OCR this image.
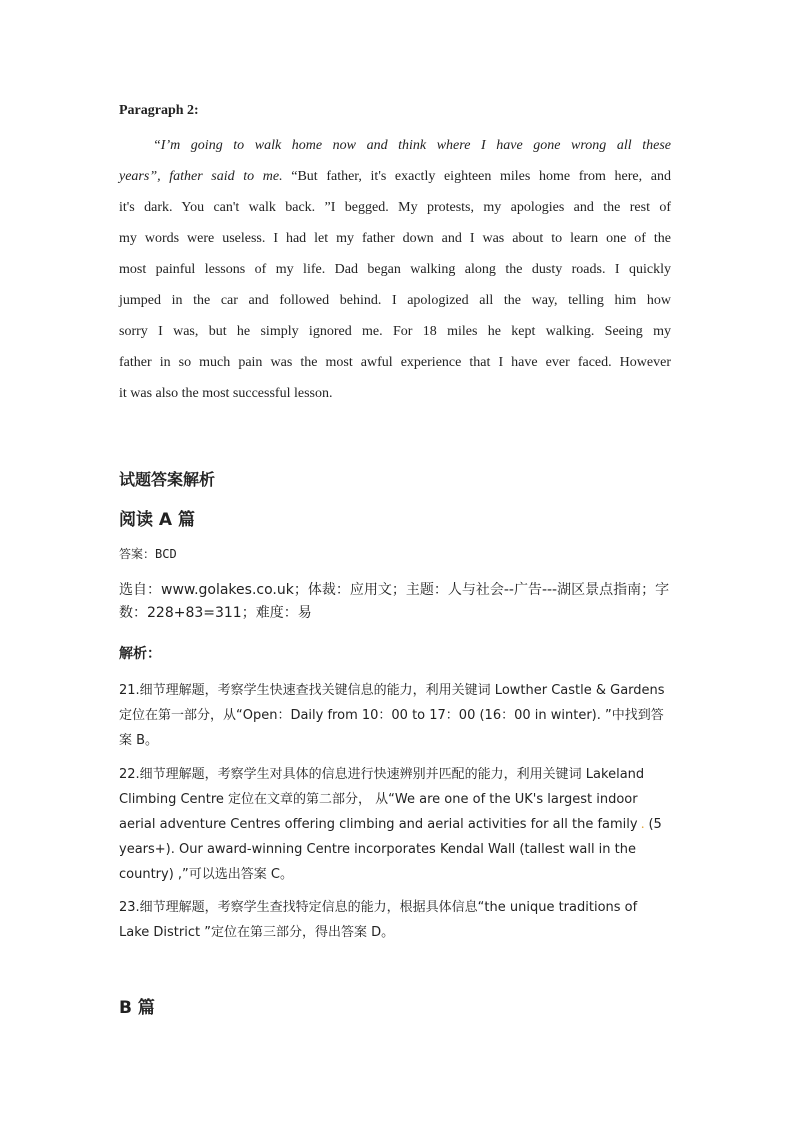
Paragraph 2:

“I’m going to walk home now and think where I have gone wrong all these

years”, father said to me. “But father, it's exactly eighteen miles home from here, and

it's dark. You can't walk back. ”I begged. My protests, my apologies and the rest of

my words were useless. I had let my father down and I was about to learn one of the

most painful lessons of my life. Dad began walking along the dusty roads. I quickly

jumped in the car and followed behind. I apologized all the way, telling him how

sorry I was, but he simply ignored me. For 18 miles he kept walking. Seeing my

father in so much pain was the most awful experience that I have ever faced. However

it was also the most successful lesson.

试题答案解析
阅读 A 篇
答案：BCD
选自：www.golakes.co.uk；体裁：应用文；主题：人与社会--广告---湖区景点指南；字数：228+83=311；难度：易
解析：
21.细节理解题，考察学生快速查找关键信息的能力，利用关键词 Lowther Castle & Gardens 定位在第一部分，从“Open：Daily from 10：00 to 17：00 (16：00 in winter). ”中找到答案 B。
22.细节理解题，考察学生对具体的信息进行快速辨别并匹配的能力，利用关键词 Lakeland Climbing Centre 定位在文章的第二部分， 从“We are one of the UK's largest indoor aerial adventure Centres offering climbing and aerial activities for all the family . (5 years+). Our award-winning Centre incorporates Kendal Wall (tallest wall in the country) ,”可以选出答案 C。
23.细节理解题，考察学生查找特定信息的能力，根据具体信息“the unique traditions of Lake District ”定位在第三部分，得出答案 D。
B 篇
